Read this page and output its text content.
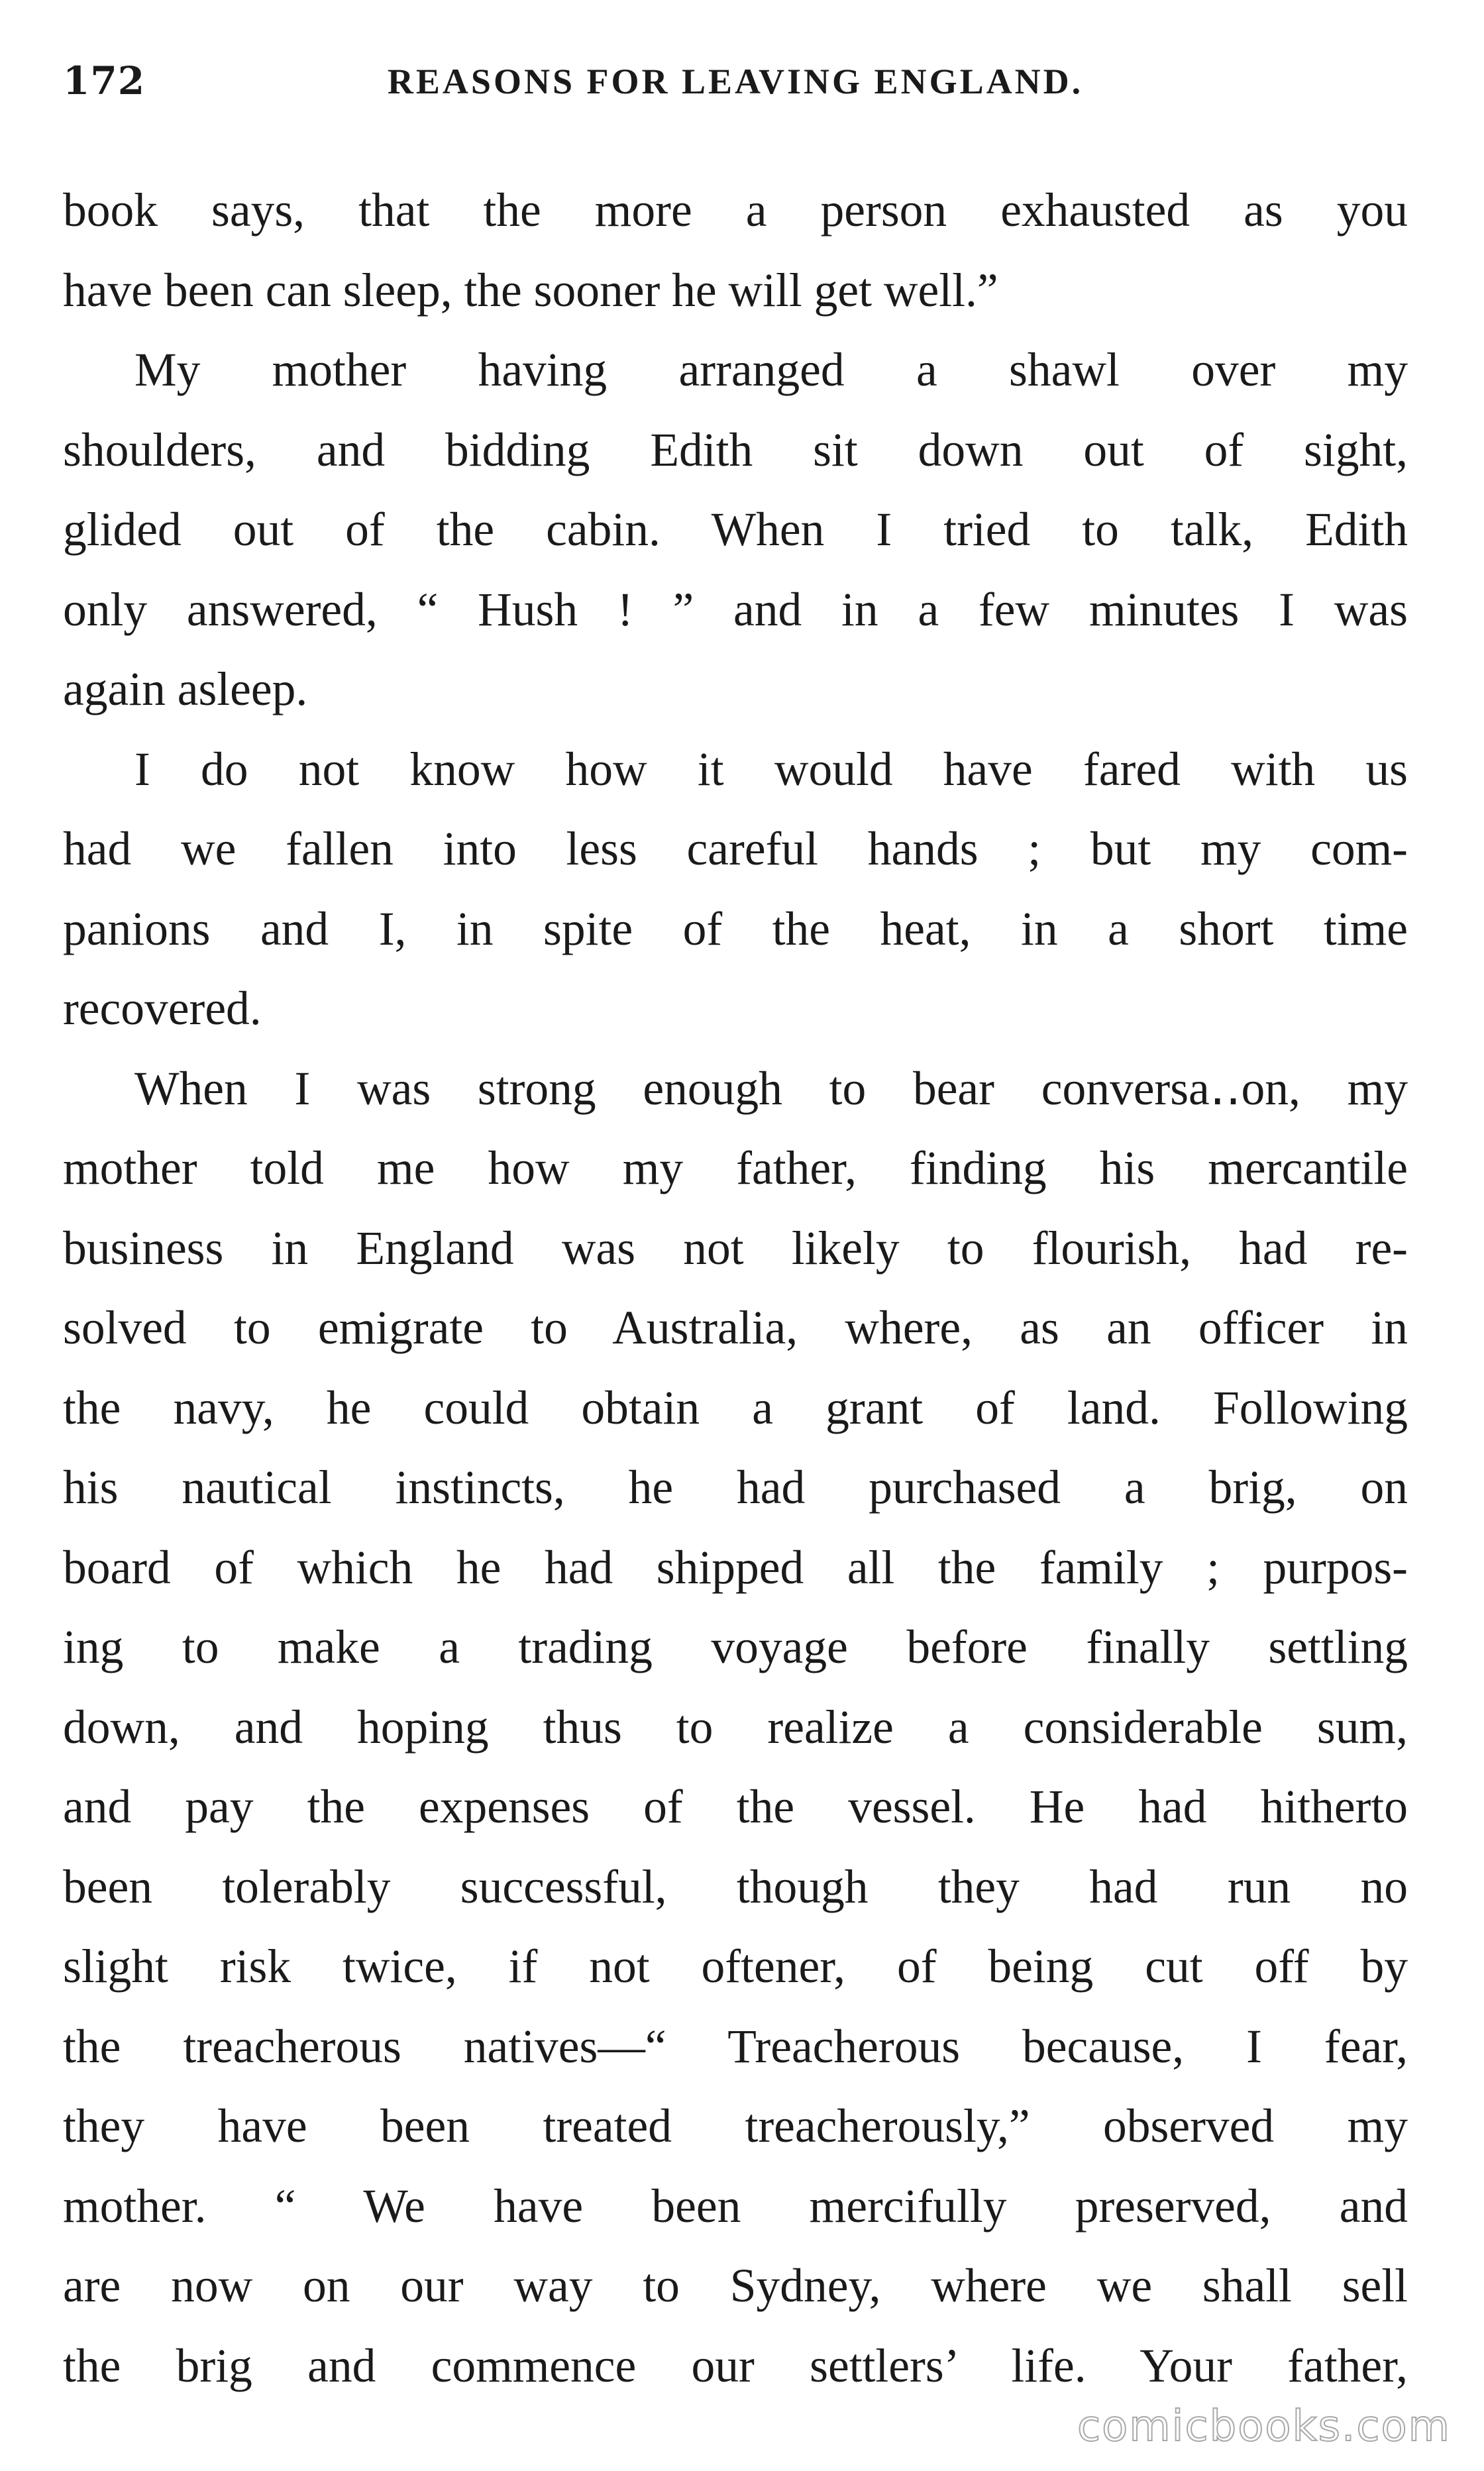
172	REASONS FOR LEAVING ENGLAND.

book says, that the more a person exhausted as you

have been can sleep, the sooner he will get well.”

My mother having arranged a shawl over my

shoulders, and bidding Edith sit down out of sight,

glided out of the cabin. When I tried to talk, Edith

only answered, “ Hush ! ” and in a few minutes I was

again asleep.

I do not know how it would have fared with us

had we fallen into less careful hands ; but my com-

panions and I, in spite of the heat, in a short time

recovered.

When I was strong enough to bear conversa‥on, my

mother told me how my father, finding his mercantile

business in England was not likely to flourish, had re-

solved to emigrate to Australia, where, as an officer in

the navy, he could obtain a grant of land. Following

his nautical instincts, he had purchased a brig, on

board of which he had shipped all the family ; purpos-

ing to make a trading voyage before finally settling

down, and hoping thus to realize a considerable sum,

and pay the expenses of the vessel. He had hitherto

been tolerably successful, though they had run no

slight risk twice, if not oftener, of being cut off by

the treacherous natives—“ Treacherous because, I fear,

they have been treated treacherously,” observed my

mother. “ We have been mercifully preserved, and

are now on our way to Sydney, where we shall sell

the brig and commence our settlers’ life. Your father,

comicbooks.com
